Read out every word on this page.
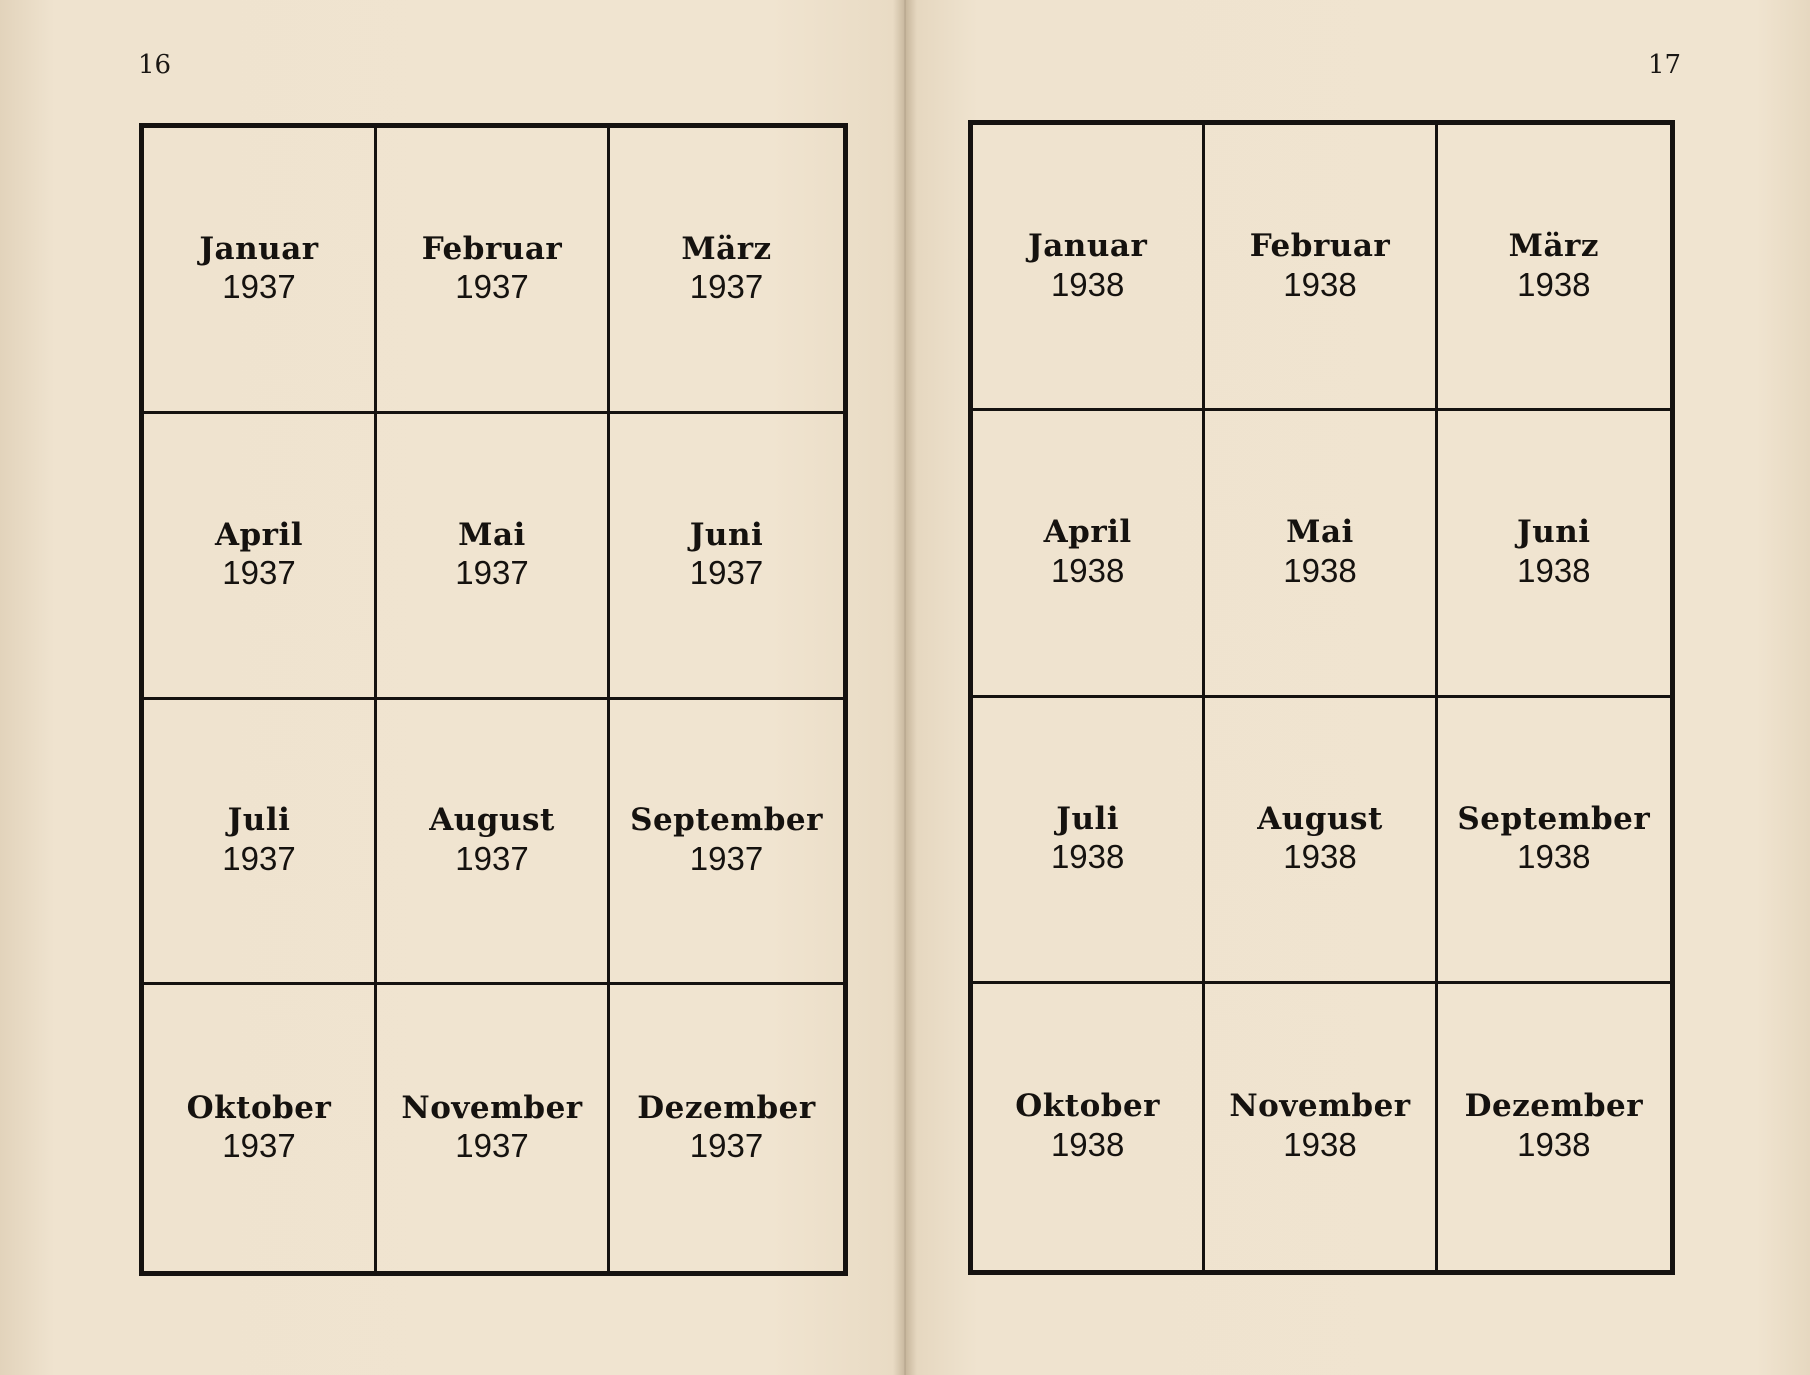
16	17
Januar
1937
Februar
1937
März
1937
April
1937
Mai
1937
Juni
1937
Juli
1937
August
1937
September
1937
Oktober
1937
November
1937
Dezember
1937
Januar
1938
Februar
1938
März
1938
April
1938
Mai
1938
Juni
1938
Juli
1938
August
1938
September
1938
Oktober
1938
November
1938
Dezember
1938
